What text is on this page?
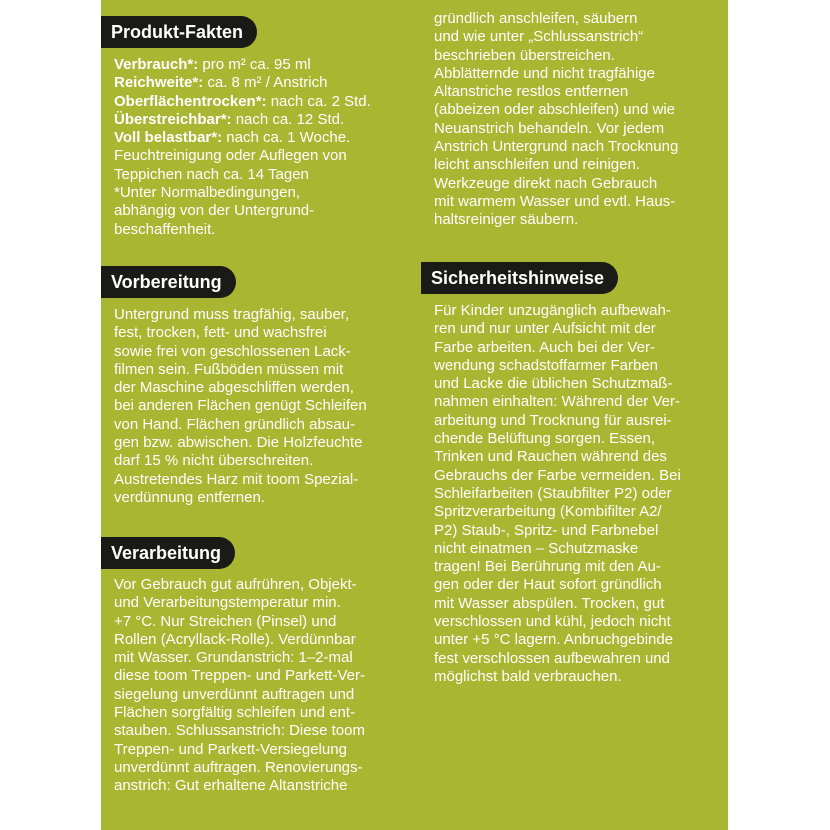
Produkt-Fakten
Verbrauch*: pro m² ca. 95 ml
Reichweite*: ca. 8 m² / Anstrich
Oberflächentrocken*: nach ca. 2 Std.
Überstreichbar*: nach ca. 12 Std.
Voll belastbar*: nach ca. 1 Woche.
Feuchtreinigung oder Auflegen von
Teppichen nach ca. 14 Tagen
*Unter Normalbedingungen,
abhängig von der Untergrund-
beschaffenheit.
Vorbereitung

Untergrund muss tragfähig, sauber,
fest, trocken, fett- und wachsfrei
sowie frei von geschlossenen Lack-
filmen sein. Fußböden müssen mit
der Maschine abgeschliffen werden,
bei anderen Flächen genügt Schleifen
von Hand. Flächen gründlich absau-
gen bzw. abwischen. Die Holzfeuchte
darf 15 % nicht überschreiten.
Austretendes Harz mit toom Spezial-
verdünnung entfernen.

Verarbeitung

Vor Gebrauch gut aufrühren, Objekt-
und Verarbeitungstemperatur min.
+7 °C. Nur Streichen (Pinsel) und
Rollen (Acryllack-Rolle). Verdünnbar
mit Wasser. Grundanstrich: 1–2-mal
diese toom Treppen- und Parkett-Ver-
siegelung unverdünnt auftragen und
Flächen sorgfältig schleifen und ent-
stauben. Schlussanstrich: Diese toom
Treppen- und Parkett-Versiegelung
unverdünnt auftragen. Renovierungs-
anstrich: Gut erhaltene Altanstriche

gründlich anschleifen, säubern
und wie unter „Schlussanstrich“
beschrieben überstreichen.
Abblätternde und nicht tragfähige
Altanstriche restlos entfernen
(abbeizen oder abschleifen) und wie
Neuanstrich behandeln. Vor jedem
Anstrich Untergrund nach Trocknung
leicht anschleifen und reinigen.
Werkzeuge direkt nach Gebrauch
mit warmem Wasser und evtl. Haus-
haltsreiniger säubern.

Sicherheitshinweise

Für Kinder unzugänglich aufbewah-
ren und nur unter Aufsicht mit der
Farbe arbeiten. Auch bei der Ver-
wendung schadstoffarmer Farben
und Lacke die üblichen Schutzmaß-
nahmen einhalten: Während der Ver-
arbeitung und Trocknung für ausrei-
chende Belüftung sorgen. Essen,
Trinken und Rauchen während des
Gebrauchs der Farbe vermeiden. Bei
Schleifarbeiten (Staubfilter P2) oder
Spritzverarbeitung (Kombifilter A2/
P2) Staub-, Spritz- und Farbnebel
nicht einatmen – Schutzmaske
tragen! Bei Berührung mit den Au-
gen oder der Haut sofort gründlich
mit Wasser abspülen. Trocken, gut
verschlossen und kühl, jedoch nicht
unter +5 °C lagern. Anbruchgebinde
fest verschlossen aufbewahren und
möglichst bald verbrauchen.
